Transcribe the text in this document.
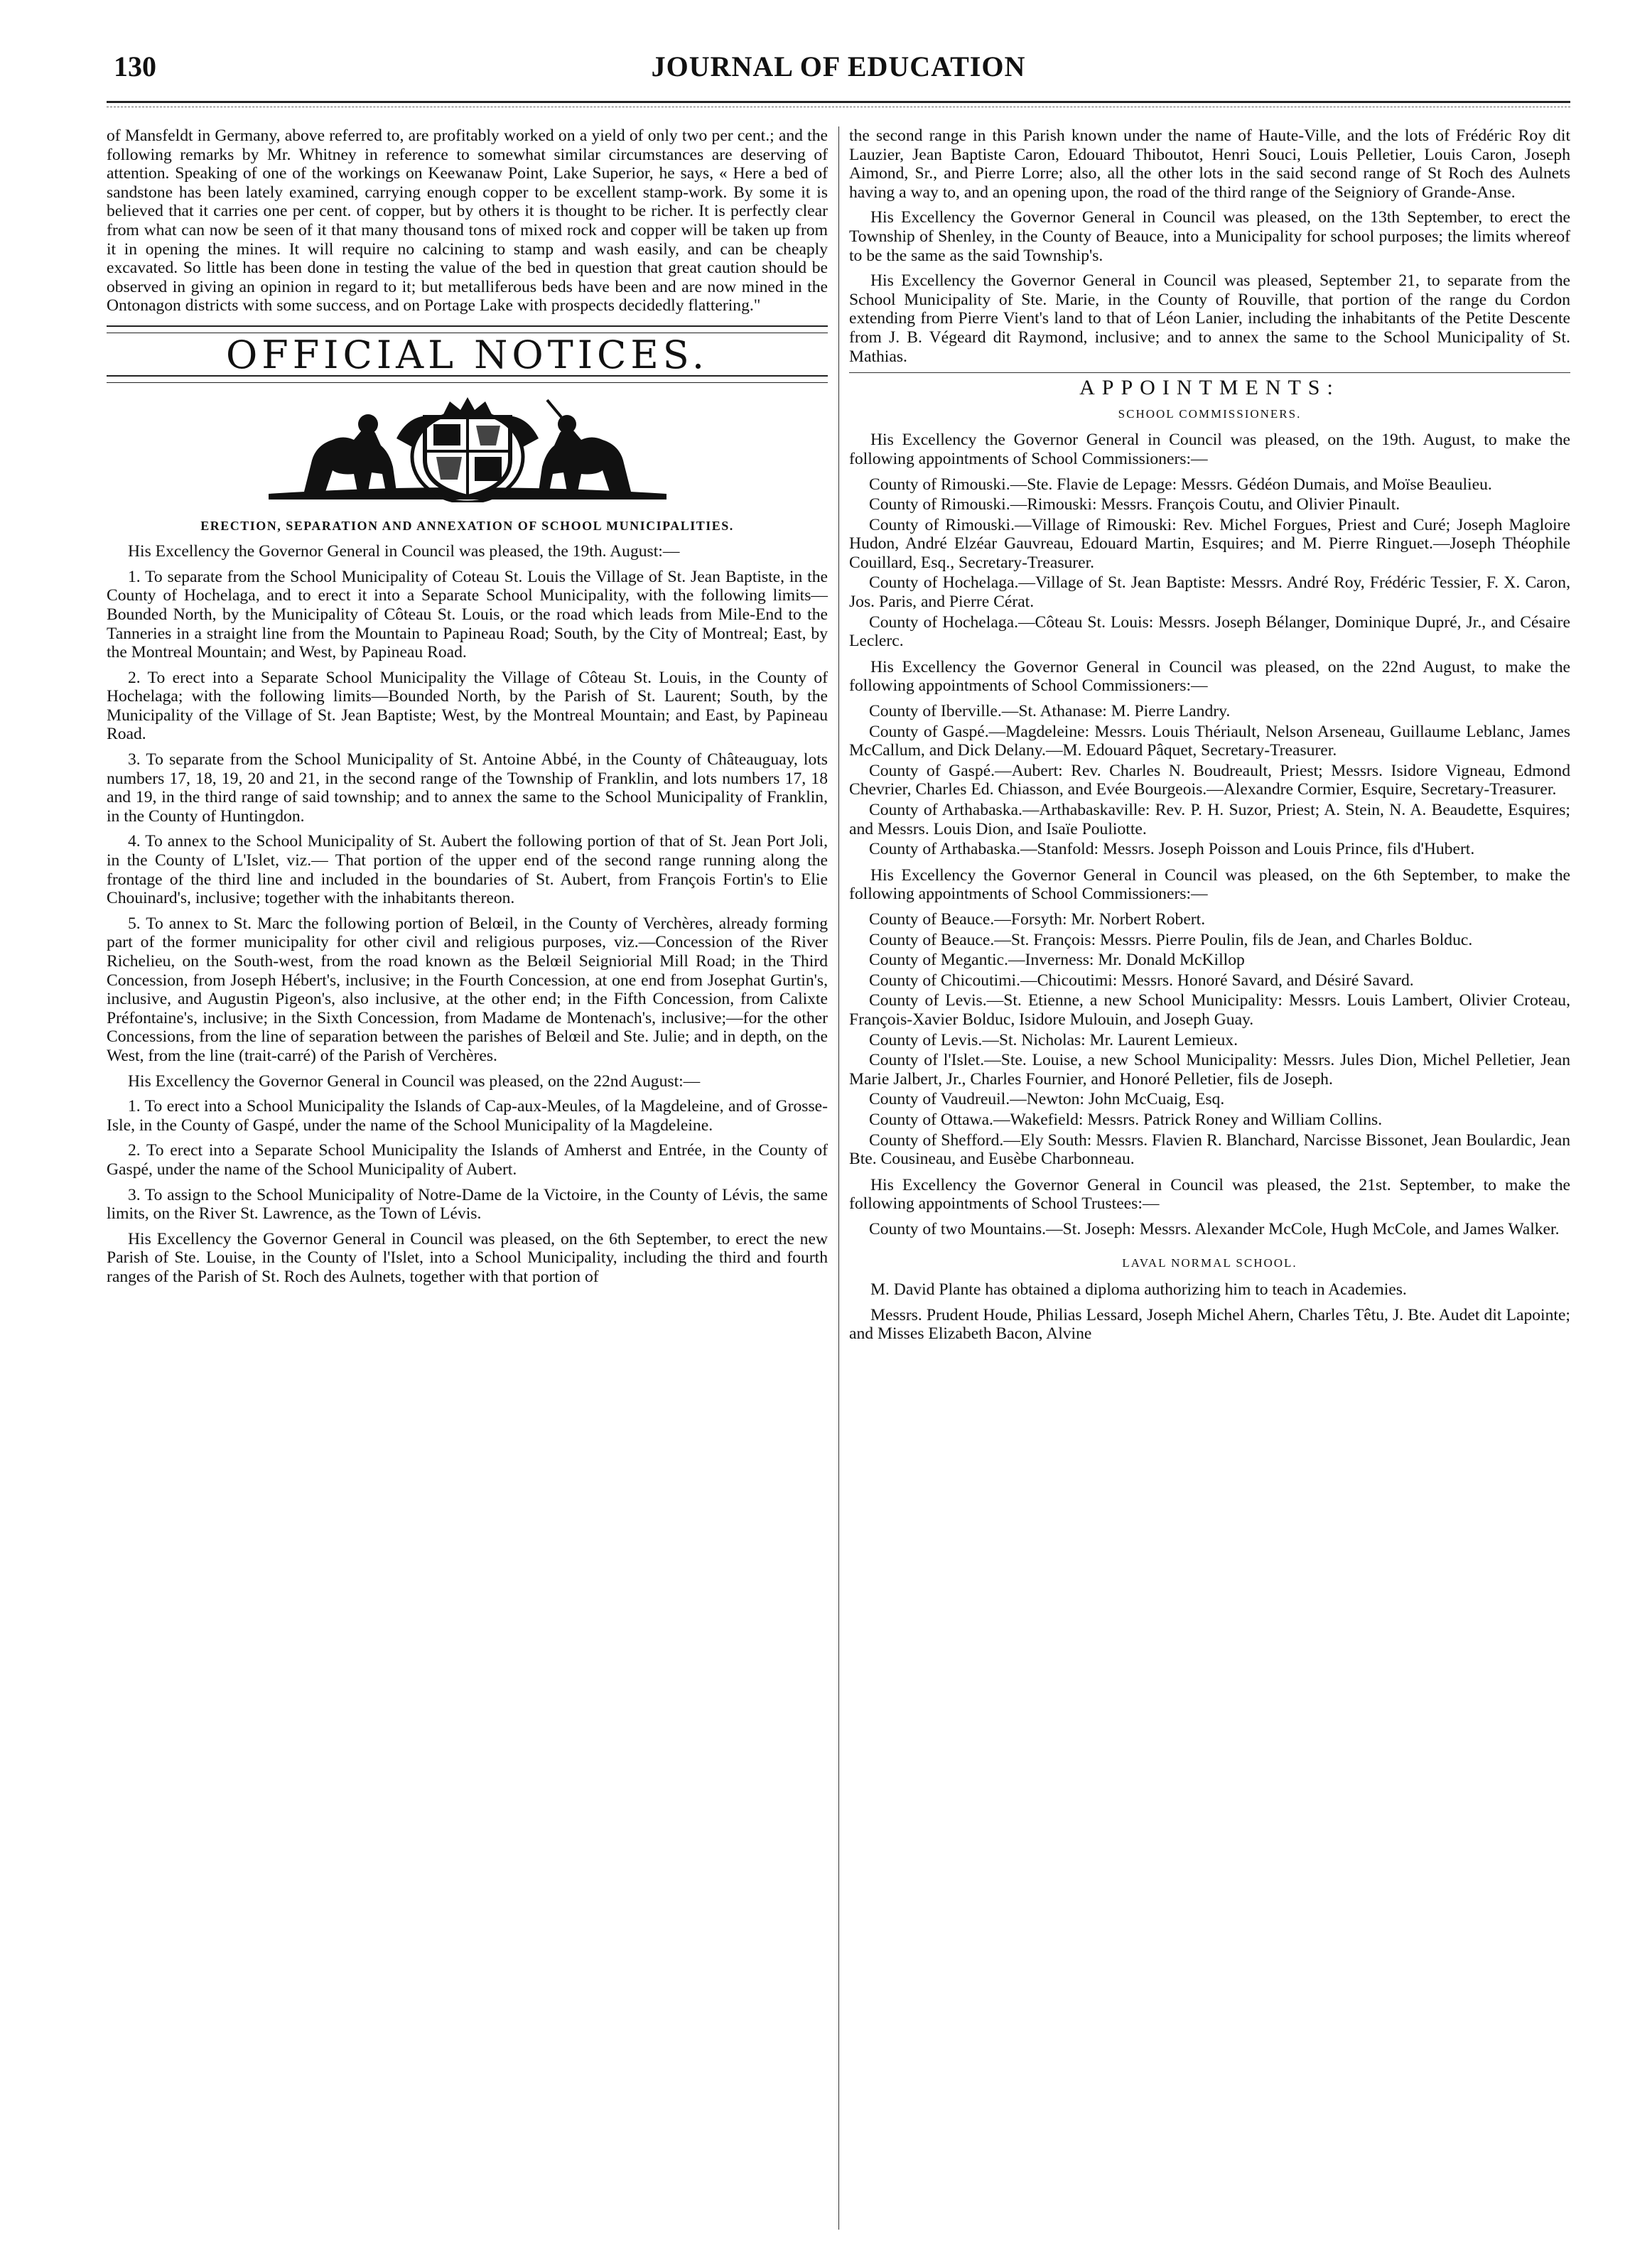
130	JOURNAL OF EDUCATION

of Mansfeldt in Germany, above referred to, are profitably worked on a yield of only two per cent.; and the following remarks by Mr. Whitney in reference to somewhat similar circumstances are deserving of attention. Speaking of one of the workings on Keewanaw Point, Lake Superior, he says, « Here a bed of sandstone has been lately examined, carrying enough copper to be excellent stamp-work. By some it is believed that it carries one per cent. of copper, but by others it is thought to be richer. It is perfectly clear from what can now be seen of it that many thousand tons of mixed rock and copper will be taken up from it in opening the mines. It will require no calcining to stamp and wash easily, and can be cheaply excavated. So little has been done in testing the value of the bed in question that great caution should be observed in giving an opinion in regard to it; but metalliferous beds have been and are now mined in the Ontonagon districts with some success, and on Portage Lake with prospects decidedly flattering."

OFFICIAL NOTICES.
ERECTION, SEPARATION AND ANNEXATION OF SCHOOL MUNICIPALITIES.

His Excellency the Governor General in Council was pleased, the 19th. August:—

1. To separate from the School Municipality of Coteau St. Louis the Village of St. Jean Baptiste, in the County of Hochelaga, and to erect it into a Separate School Municipality, with the following limits—Bounded North, by the Municipality of Côteau St. Louis, or the road which leads from Mile-End to the Tanneries in a straight line from the Mountain to Papineau Road; South, by the City of Montreal; East, by the Montreal Mountain; and West, by Papineau Road.

2. To erect into a Separate School Municipality the Village of Côteau St. Louis, in the County of Hochelaga; with the following limits—Bounded North, by the Parish of St. Laurent; South, by the Municipality of the Village of St. Jean Baptiste; West, by the Montreal Mountain; and East, by Papineau Road.

3. To separate from the School Municipality of St. Antoine Abbé, in the County of Châteauguay, lots numbers 17, 18, 19, 20 and 21, in the second range of the Township of Franklin, and lots numbers 17, 18 and 19, in the third range of said township; and to annex the same to the School Municipality of Franklin, in the County of Huntingdon.

4. To annex to the School Municipality of St. Aubert the following portion of that of St. Jean Port Joli, in the County of L'Islet, viz.— That portion of the upper end of the second range running along the frontage of the third line and included in the boundaries of St. Aubert, from François Fortin's to Elie Chouinard's, inclusive; together with the inhabitants thereon.

5. To annex to St. Marc the following portion of Belœil, in the County of Verchères, already forming part of the former municipality for other civil and religious purposes, viz.—Concession of the River Richelieu, on the South-west, from the road known as the Belœil Seigniorial Mill Road; in the Third Concession, from Joseph Hébert's, inclusive; in the Fourth Concession, at one end from Josephat Gurtin's, inclusive, and Augustin Pigeon's, also inclusive, at the other end; in the Fifth Concession, from Calixte Préfontaine's, inclusive; in the Sixth Concession, from Madame de Montenach's, inclusive;—for the other Concessions, from the line of separation between the parishes of Belœil and Ste. Julie; and in depth, on the West, from the line (trait-carré) of the Parish of Verchères.

His Excellency the Governor General in Council was pleased, on the 22nd August:—

1. To erect into a School Municipality the Islands of Cap-aux-Meules, of la Magdeleine, and of Grosse-Isle, in the County of Gaspé, under the name of the School Municipality of la Magdeleine.

2. To erect into a Separate School Municipality the Islands of Amherst and Entrée, in the County of Gaspé, under the name of the School Municipality of Aubert.

3. To assign to the School Municipality of Notre-Dame de la Victoire, in the County of Lévis, the same limits, on the River St. Lawrence, as the Town of Lévis.

His Excellency the Governor General in Council was pleased, on the 6th September, to erect the new Parish of Ste. Louise, in the County of l'Islet, into a School Municipality, including the third and fourth ranges of the Parish of St. Roch des Aulnets, together with that portion of

the second range in this Parish known under the name of Haute-Ville, and the lots of Frédéric Roy dit Lauzier, Jean Baptiste Caron, Edouard Thiboutot, Henri Souci, Louis Pelletier, Louis Caron, Joseph Aimond, Sr., and Pierre Lorre; also, all the other lots in the said second range of St Roch des Aulnets having a way to, and an opening upon, the road of the third range of the Seigniory of Grande-Anse.

His Excellency the Governor General in Council was pleased, on the 13th September, to erect the Township of Shenley, in the County of Beauce, into a Municipality for school purposes; the limits whereof to be the same as the said Township's.

His Excellency the Governor General in Council was pleased, September 21, to separate from the School Municipality of Ste. Marie, in the County of Rouville, that portion of the range du Cordon extending from Pierre Vient's land to that of Léon Lanier, including the inhabitants of the Petite Descente from J. B. Végeard dit Raymond, inclusive; and to annex the same to the School Municipality of St. Mathias.

APPOINTMENTS:
SCHOOL COMMISSIONERS.

His Excellency the Governor General in Council was pleased, on the 19th. August, to make the following appointments of School Commissioners:—

County of Rimouski.—Ste. Flavie de Lepage: Messrs. Gédéon Dumais, and Moïse Beaulieu.

County of Rimouski.—Rimouski: Messrs. François Coutu, and Olivier Pinault.

County of Rimouski.—Village of Rimouski: Rev. Michel Forgues, Priest and Curé; Joseph Magloire Hudon, André Elzéar Gauvreau, Edouard Martin, Esquires; and M. Pierre Ringuet.—Joseph Théophile Couillard, Esq., Secretary-Treasurer.

County of Hochelaga.—Village of St. Jean Baptiste: Messrs. André Roy, Frédéric Tessier, F. X. Caron, Jos. Paris, and Pierre Cérat.

County of Hochelaga.—Côteau St. Louis: Messrs. Joseph Bélanger, Dominique Dupré, Jr., and Césaire Leclerc.

His Excellency the Governor General in Council was pleased, on the 22nd August, to make the following appointments of School Commissioners:—

County of Iberville.—St. Athanase: M. Pierre Landry.

County of Gaspé.—Magdeleine: Messrs. Louis Thériault, Nelson Arseneau, Guillaume Leblanc, James McCallum, and Dick Delany.—M. Edouard Pâquet, Secretary-Treasurer.

County of Gaspé.—Aubert: Rev. Charles N. Boudreault, Priest; Messrs. Isidore Vigneau, Edmond Chevrier, Charles Ed. Chiasson, and Evée Bourgeois.—Alexandre Cormier, Esquire, Secretary-Treasurer.

County of Arthabaska.—Arthabaskaville: Rev. P. H. Suzor, Priest; A. Stein, N. A. Beaudette, Esquires; and Messrs. Louis Dion, and Isaïe Pouliotte.

County of Arthabaska.—Stanfold: Messrs. Joseph Poisson and Louis Prince, fils d'Hubert.

His Excellency the Governor General in Council was pleased, on the 6th September, to make the following appointments of School Commissioners:—

County of Beauce.—Forsyth: Mr. Norbert Robert.

County of Beauce.—St. François: Messrs. Pierre Poulin, fils de Jean, and Charles Bolduc.

County of Megantic.—Inverness: Mr. Donald McKillop

County of Chicoutimi.—Chicoutimi: Messrs. Honoré Savard, and Désiré Savard.

County of Levis.—St. Etienne, a new School Municipality: Messrs. Louis Lambert, Olivier Croteau, François-Xavier Bolduc, Isidore Mulouin, and Joseph Guay.

County of Levis.—St. Nicholas: Mr. Laurent Lemieux.

County of l'Islet.—Ste. Louise, a new School Municipality: Messrs. Jules Dion, Michel Pelletier, Jean Marie Jalbert, Jr., Charles Fournier, and Honoré Pelletier, fils de Joseph.

County of Vaudreuil.—Newton: John McCuaig, Esq.

County of Ottawa.—Wakefield: Messrs. Patrick Roney and William Collins.

County of Shefford.—Ely South: Messrs. Flavien R. Blanchard, Narcisse Bissonet, Jean Boulardic, Jean Bte. Cousineau, and Eusèbe Charbonneau.

His Excellency the Governor General in Council was pleased, the 21st. September, to make the following appointments of School Trustees:—

County of two Mountains.—St. Joseph: Messrs. Alexander McCole, Hugh McCole, and James Walker.

LAVAL NORMAL SCHOOL.

M. David Plante has obtained a diploma authorizing him to teach in Academies.

Messrs. Prudent Houde, Philias Lessard, Joseph Michel Ahern, Charles Têtu, J. Bte. Audet dit Lapointe; and Misses Elizabeth Bacon, Alvine
